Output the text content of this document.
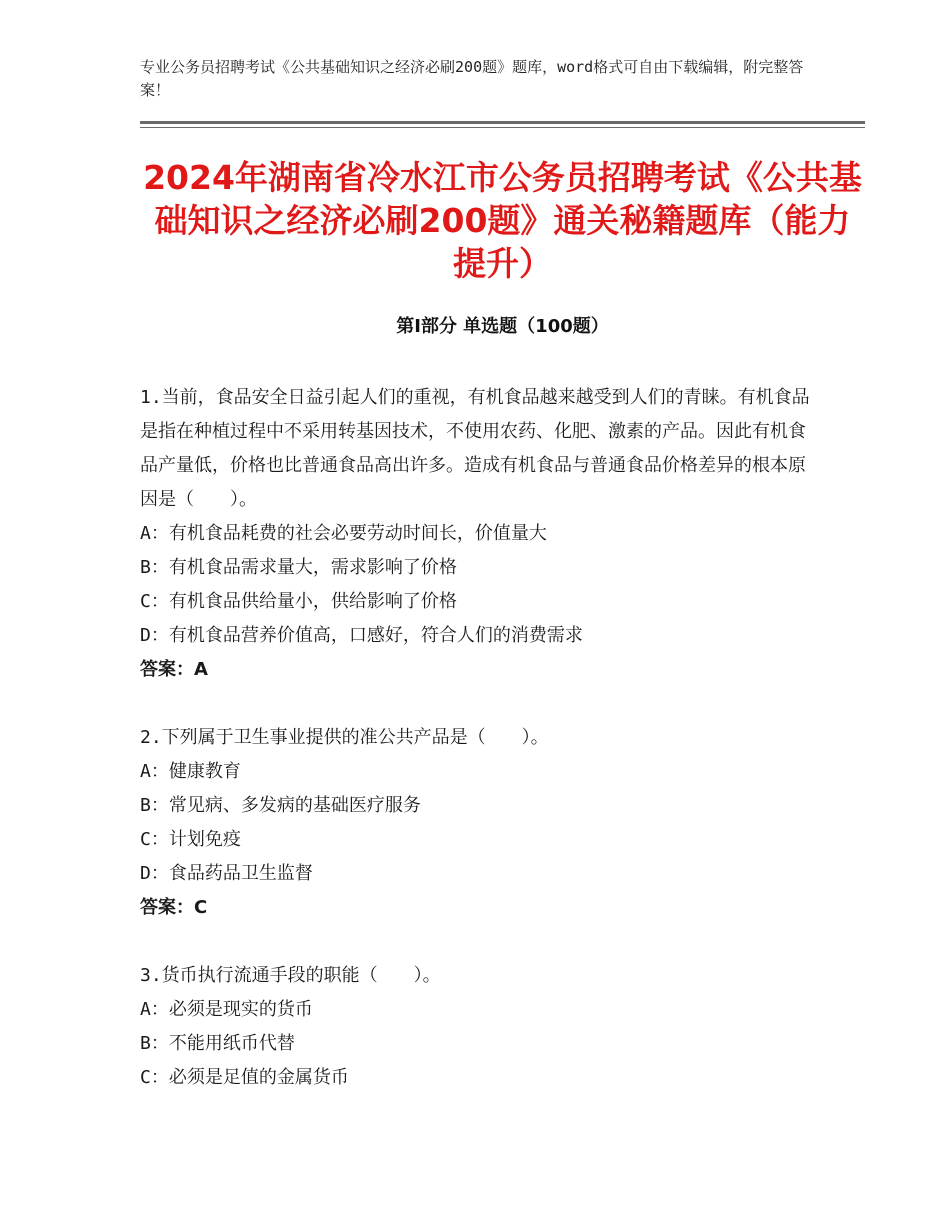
专业公务员招聘考试《公共基础知识之经济必刷200题》题库，word格式可自由下载编辑，附完整答案！
2024年湖南省冷水江市公务员招聘考试《公共基础知识之经济必刷200题》通关秘籍题库（能力提升）
第Ⅰ部分 单选题（100题）

1.当前，食品安全日益引起人们的重视，有机食品越来越受到人们的青睐。有机食品是指在种植过程中不采用转基因技术，不使用农药、化肥、激素的产品。因此有机食品产量低，价格也比普通食品高出许多。造成有机食品与普通食品价格差异的根本原因是（　　）。

A：有机食品耗费的社会必要劳动时间长，价值量大

B：有机食品需求量大，需求影响了价格

C：有机食品供给量小，供给影响了价格

D：有机食品营养价值高，口感好，符合人们的消费需求

答案：A

2.下列属于卫生事业提供的准公共产品是（　　）。

A：健康教育

B：常见病、多发病的基础医疗服务

C：计划免疫

D：食品药品卫生监督

答案：C

3.货币执行流通手段的职能（　　）。

A：必须是现实的货币

B：不能用纸币代替

C：必须是足值的金属货币
